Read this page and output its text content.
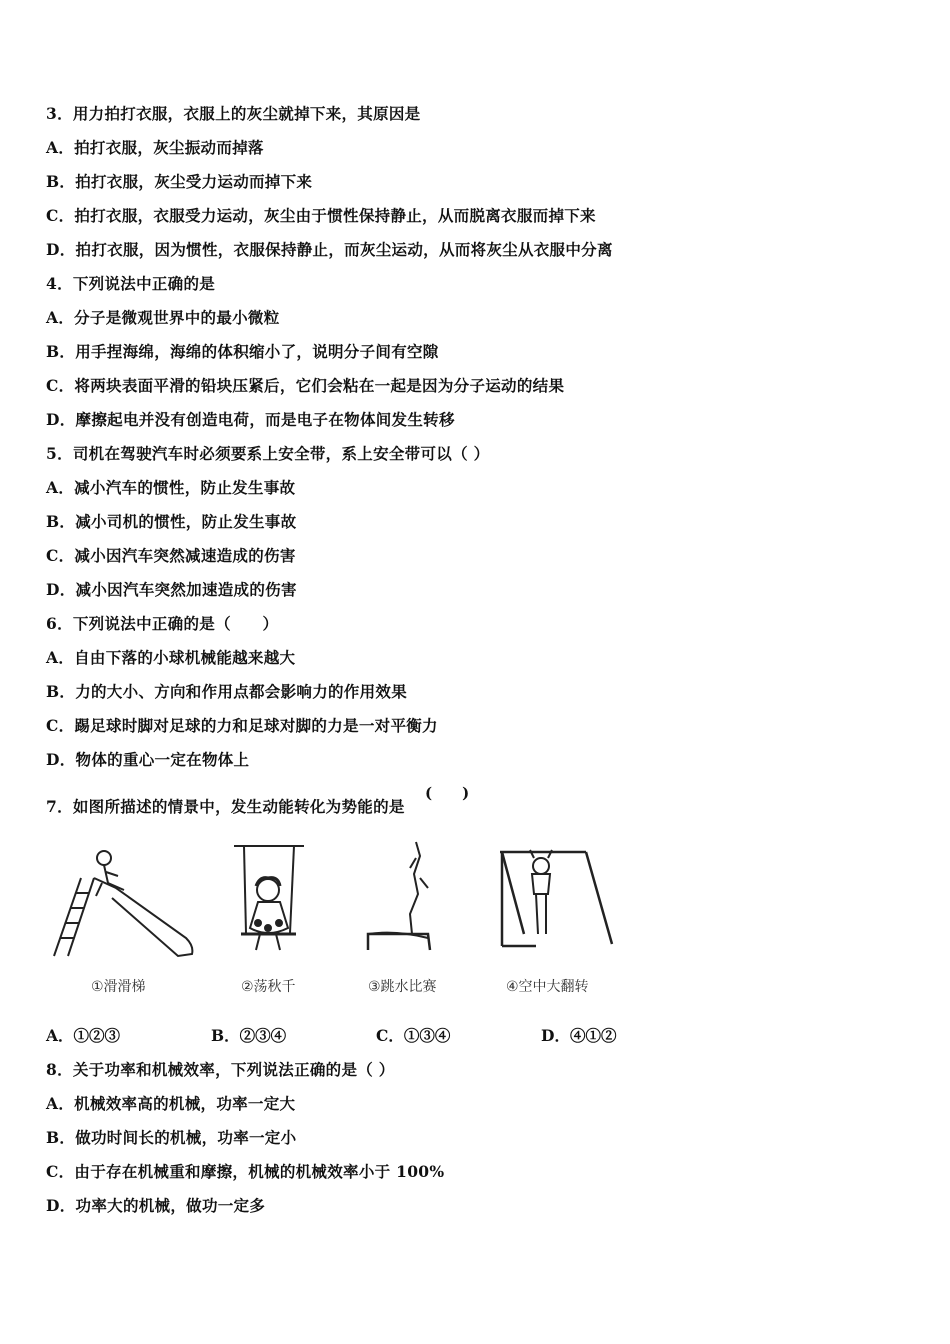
3．用力拍打衣服，衣服上的灰尘就掉下来，其原因是
A．拍打衣服，灰尘振动而掉落
B．拍打衣服，灰尘受力运动而掉下来
C．拍打衣服，衣服受力运动，灰尘由于惯性保持静止，从而脱离衣服而掉下来
D．拍打衣服，因为惯性，衣服保持静止，而灰尘运动，从而将灰尘从衣服中分离
4．下列说法中正确的是
A．分子是微观世界中的最小微粒
B．用手捏海绵，海绵的体积缩小了，说明分子间有空隙
C．将两块表面平滑的铅块压紧后，它们会粘在一起是因为分子运动的结果
D．摩擦起电并没有创造电荷，而是电子在物体间发生转移
5．司机在驾驶汽车时必须要系上安全带，系上安全带可以（ ）
A．减小汽车的惯性，防止发生事故
B．减小司机的惯性，防止发生事故
C．减小因汽车突然减速造成的伤害
D．减小因汽车突然加速造成的伤害
6．下列说法中正确的是（　　）
A．自由下落的小球机械能越来越大
B．力的大小、方向和作用点都会影响力的作用效果
C．踢足球时脚对足球的力和足球对脚的力是一对平衡力
D．物体的重心一定在物体上
7．如图所描述的情景中，发生动能转化为势能的是
(　　)
①滑滑梯	②荡秋千	③跳水比赛	④空中大翻转
A．①②③	B．②③④	C．①③④	D．④①②
8．关于功率和机械效率，下列说法正确的是（ ）
A．机械效率高的机械，功率一定大
B．做功时间长的机械，功率一定小
C．由于存在机械重和摩擦，机械的机械效率小于 100%
D．功率大的机械，做功一定多
